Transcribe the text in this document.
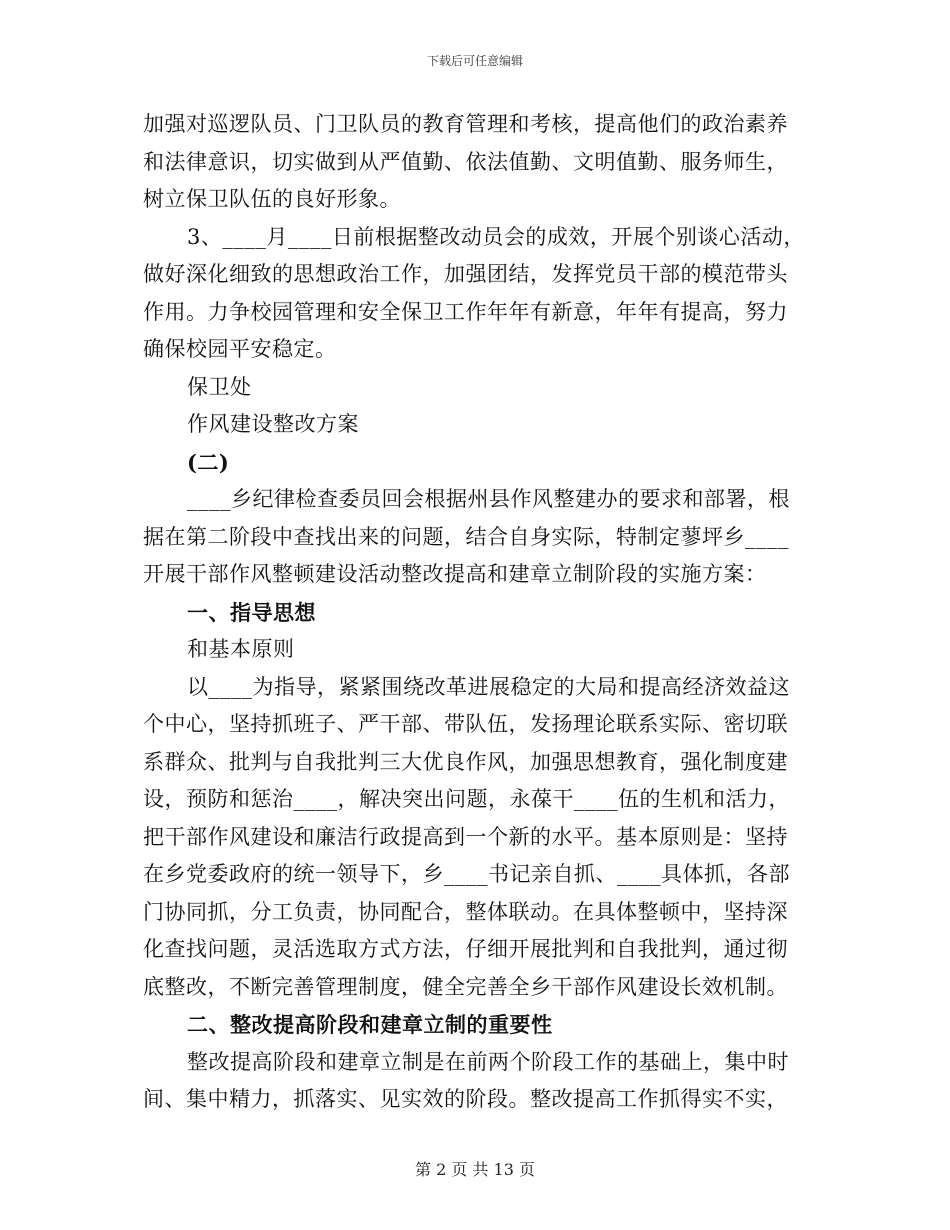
下载后可任意编辑
加强对巡逻队员、门卫队员的教育管理和考核，提高他们的政治素养
和法律意识，切实做到从严值勤、依法值勤、文明值勤、服务师生，
树立保卫队伍的良好形象。
3、____月____日前根据整改动员会的成效，开展个别谈心活动，
做好深化细致的思想政治工作，加强团结，发挥党员干部的模范带头
作用。力争校园管理和安全保卫工作年年有新意，年年有提高，努力
确保校园平安稳定。
保卫处
作风建设整改方案
(二)
____乡纪律检查委员回会根据州县作风整建办的要求和部署，根
据在第二阶段中查找出来的问题，结合自身实际，特制定蓼坪乡____
开展干部作风整顿建设活动整改提高和建章立制阶段的实施方案：
一、指导思想
和基本原则
以____为指导，紧紧围绕改革进展稳定的大局和提高经济效益这
个中心，坚持抓班子、严干部、带队伍，发扬理论联系实际、密切联
系群众、批判与自我批判三大优良作风，加强思想教育，强化制度建
设，预防和惩治____，解决突出问题，永葆干____伍的生机和活力，
把干部作风建设和廉洁行政提高到一个新的水平。基本原则是：坚持
在乡党委政府的统一领导下，乡____书记亲自抓、____具体抓，各部
门协同抓，分工负责，协同配合，整体联动。在具体整顿中，坚持深
化查找问题，灵活选取方式方法，仔细开展批判和自我批判，通过彻
底整改，不断完善管理制度，健全完善全乡干部作风建设长效机制。
二、整改提高阶段和建章立制的重要性
整改提高阶段和建章立制是在前两个阶段工作的基础上，集中时
间、集中精力，抓落实、见实效的阶段。整改提高工作抓得实不实，
第 2 页 共 13 页
